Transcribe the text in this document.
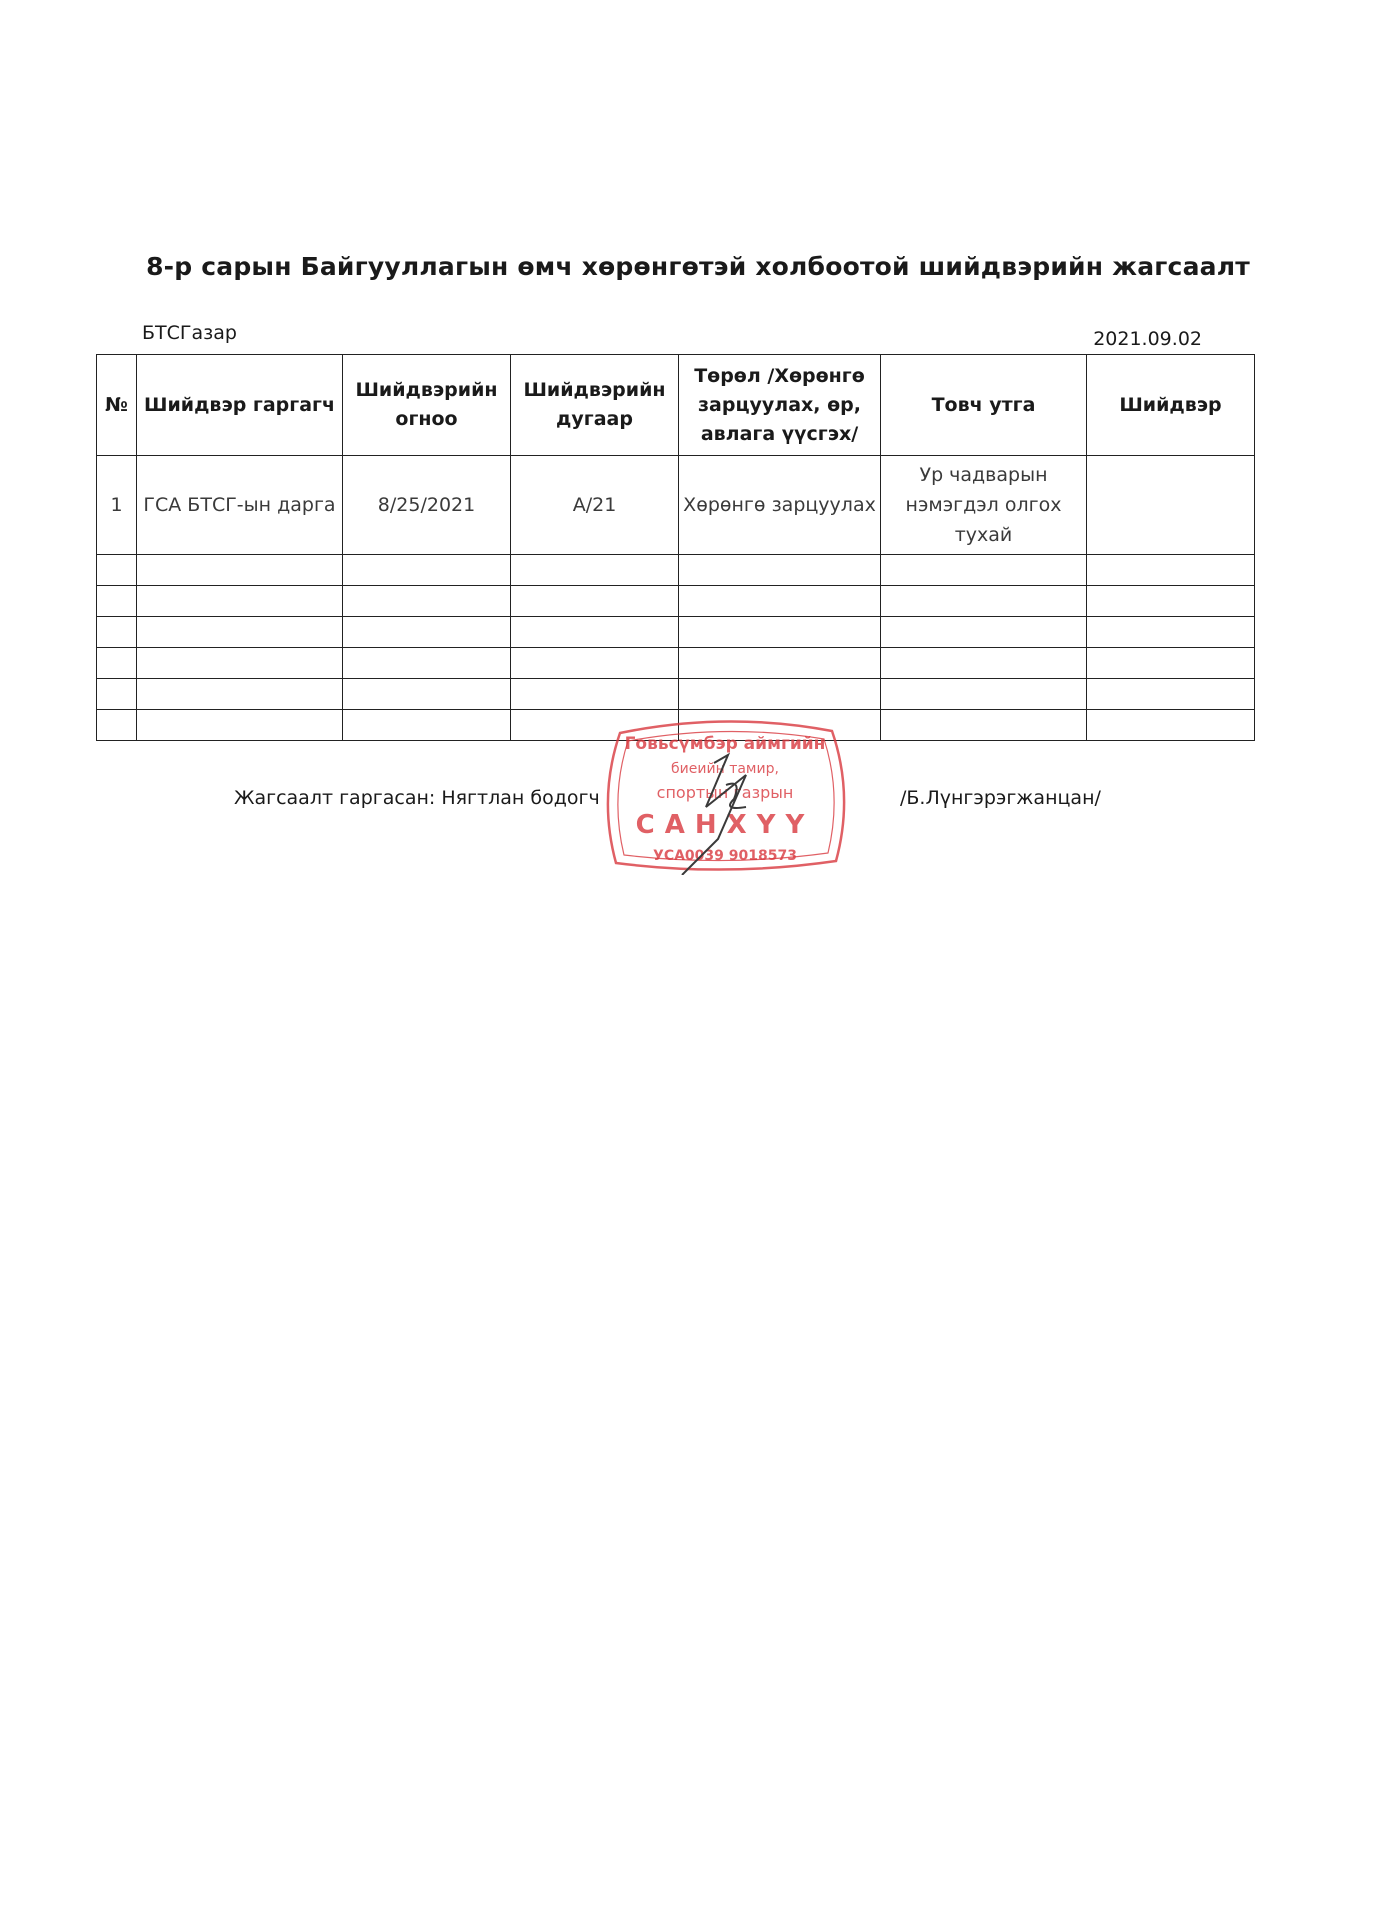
8-р сарын Байгууллагын өмч хөрөнгөтэй холбоотой шийдвэрийн жагсаалт
БТСГазар	2021.09.02
№	Шийдвэр гаргагч	Шийдвэрийн огноо	Шийдвэрийн дугаар	Төрөл /Хөрөнгө зарцуулах, өр, авлага үүсгэх/	Товч утга	Шийдвэр
1	ГСА БТСГ-ын дарга	8/25/2021	А/21	Хөрөнгө зарцуулах	Ур чадварын нэмэгдэл олгох тухай	

Жагсаалт гаргасан: Нягтлан бодогч	/Б.Лүнгэрэгжанцан/
Говьсүмбэр аймгийн
биеийн тамир,
спортын газрын
САНХҮҮ
УСА0039 9018573
